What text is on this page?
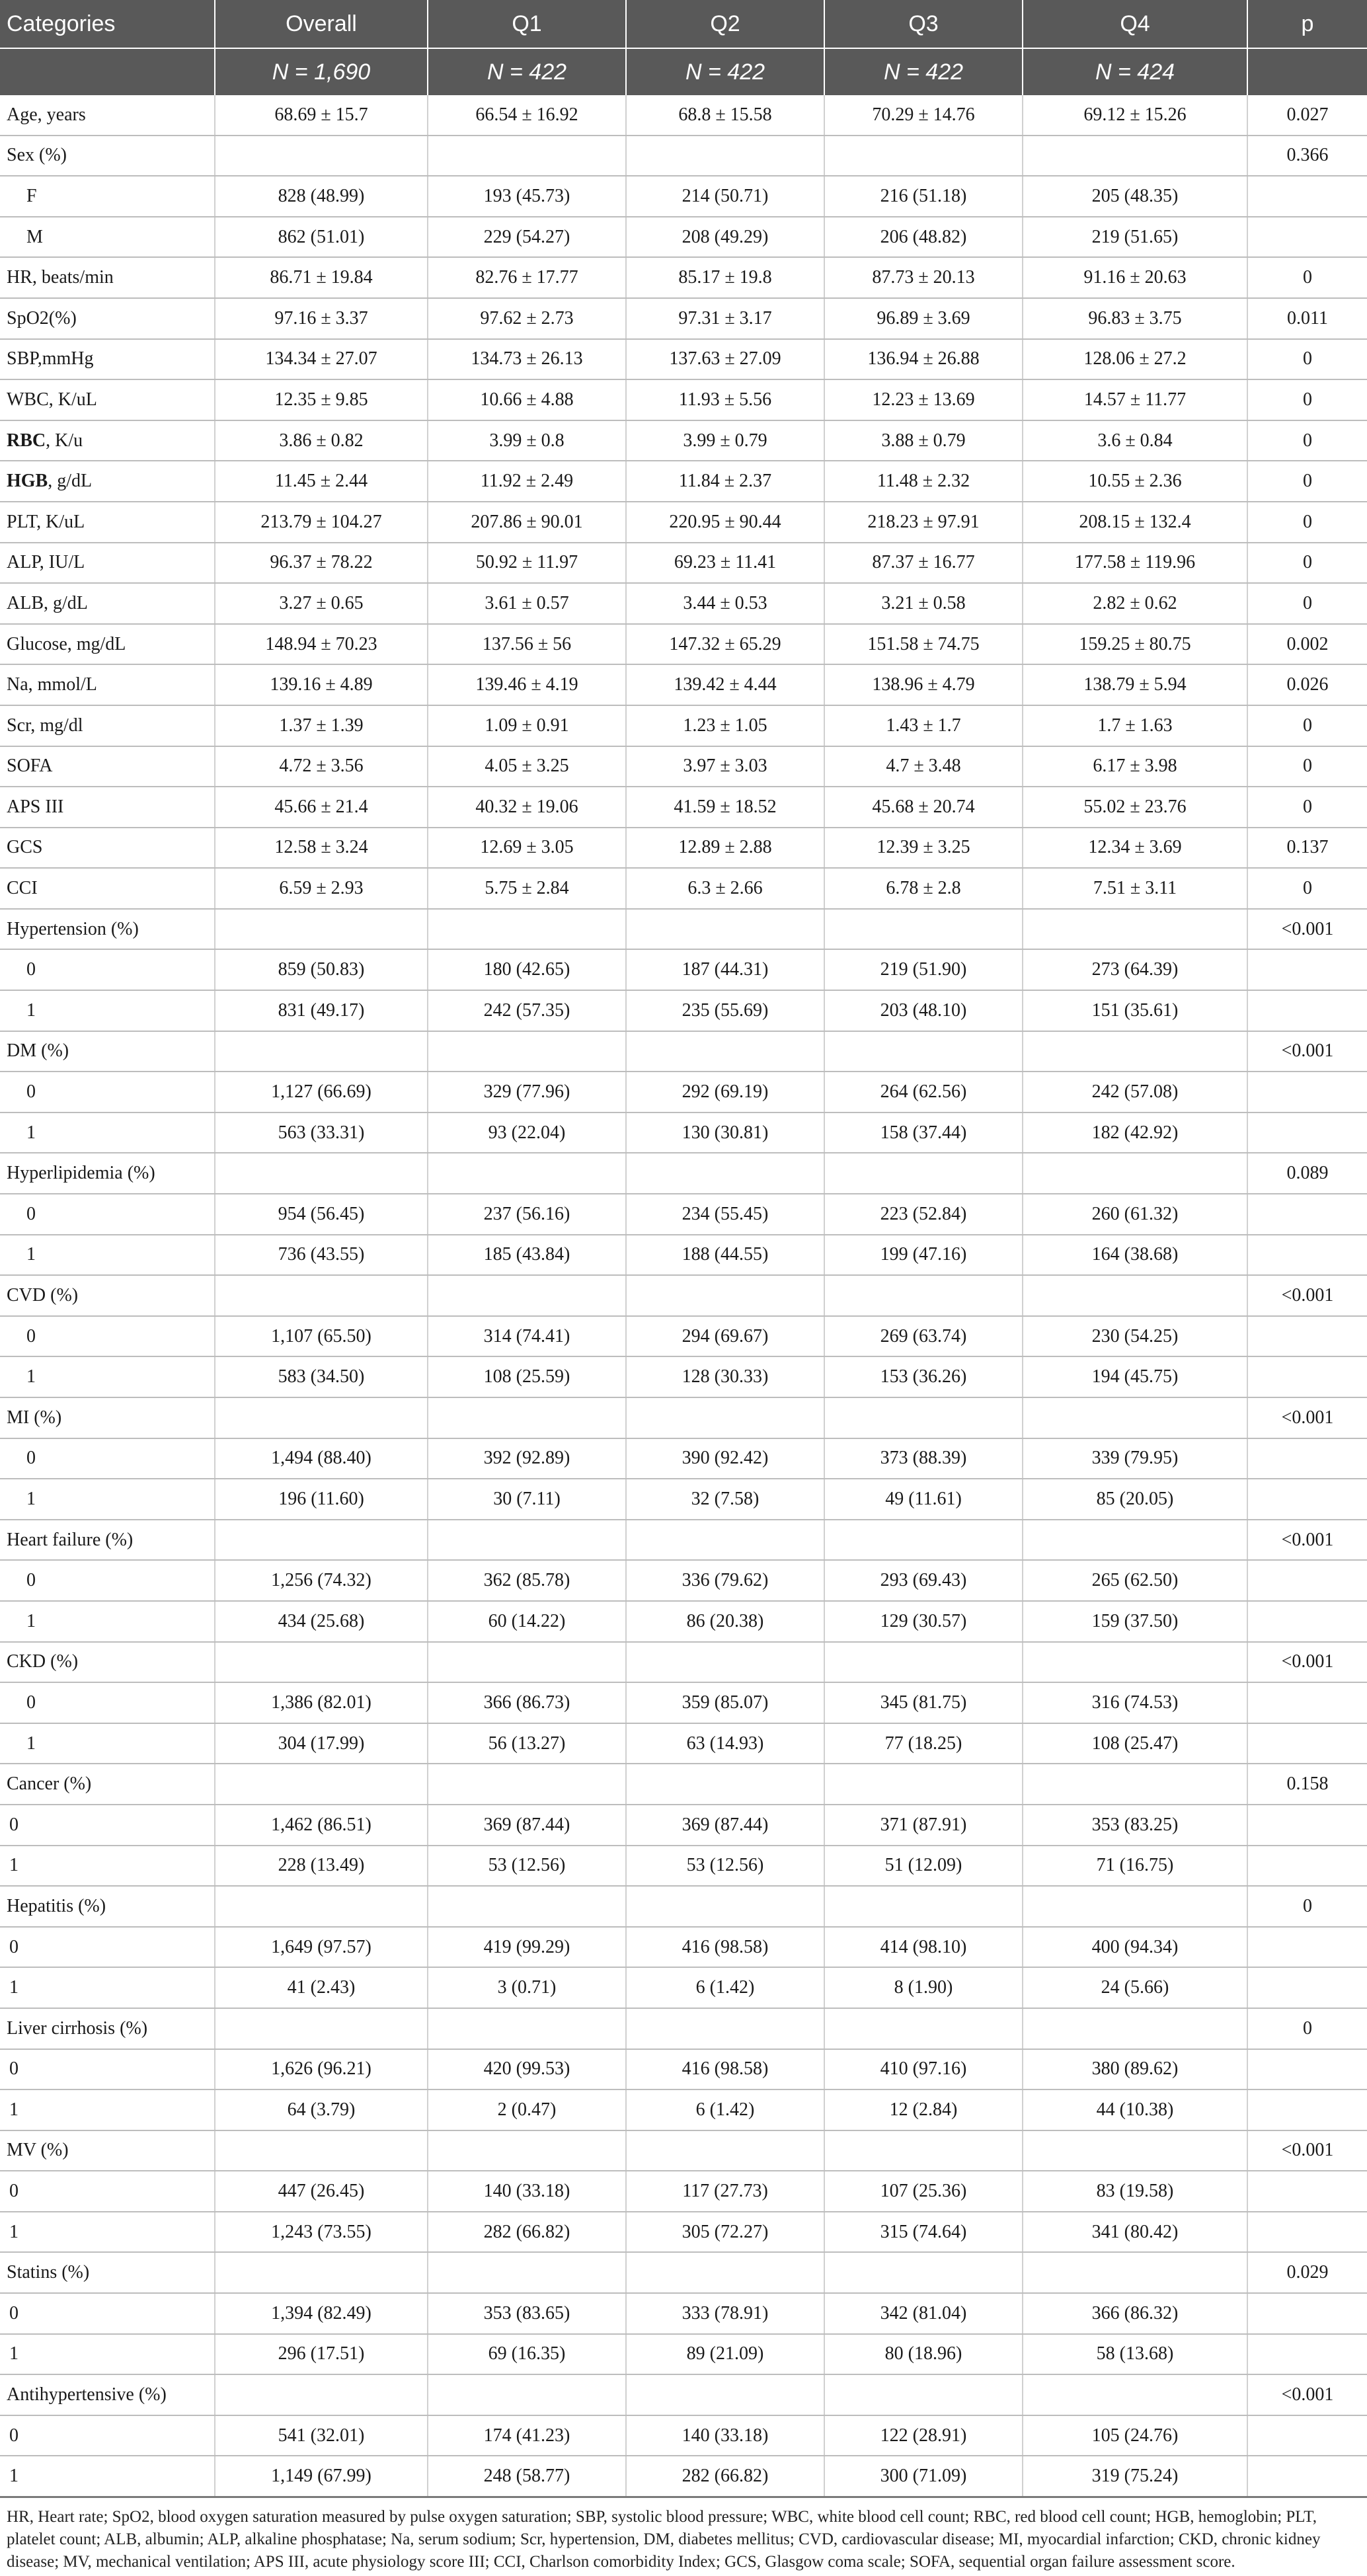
Categories	Overall	Q1	Q2	Q3	Q4	p
	N = 1,690	N = 422	N = 422	N = 422	N = 424	
Age, years	68.69 ± 15.7	66.54 ± 16.92	68.8 ± 15.58	70.29 ± 14.76	69.12 ± 15.26	0.027
Sex (%)						0.366
F	828 (48.99)	193 (45.73)	214 (50.71)	216 (51.18)	205 (48.35)	
M	862 (51.01)	229 (54.27)	208 (49.29)	206 (48.82)	219 (51.65)	
HR, beats/min	86.71 ± 19.84	82.76 ± 17.77	85.17 ± 19.8	87.73 ± 20.13	91.16 ± 20.63	0
SpO2(%)	97.16 ± 3.37	97.62 ± 2.73	97.31 ± 3.17	96.89 ± 3.69	96.83 ± 3.75	0.011
SBP,mmHg	134.34 ± 27.07	134.73 ± 26.13	137.63 ± 27.09	136.94 ± 26.88	128.06 ± 27.2	0
WBC, K/uL	12.35 ± 9.85	10.66 ± 4.88	11.93 ± 5.56	12.23 ± 13.69	14.57 ± 11.77	0
RBC, K/u	3.86 ± 0.82	3.99 ± 0.8	3.99 ± 0.79	3.88 ± 0.79	3.6 ± 0.84	0
HGB, g/dL	11.45 ± 2.44	11.92 ± 2.49	11.84 ± 2.37	11.48 ± 2.32	10.55 ± 2.36	0
PLT, K/uL	213.79 ± 104.27	207.86 ± 90.01	220.95 ± 90.44	218.23 ± 97.91	208.15 ± 132.4	0
ALP, IU/L	96.37 ± 78.22	50.92 ± 11.97	69.23 ± 11.41	87.37 ± 16.77	177.58 ± 119.96	0
ALB, g/dL	3.27 ± 0.65	3.61 ± 0.57	3.44 ± 0.53	3.21 ± 0.58	2.82 ± 0.62	0
Glucose, mg/dL	148.94 ± 70.23	137.56 ± 56	147.32 ± 65.29	151.58 ± 74.75	159.25 ± 80.75	0.002
Na, mmol/L	139.16 ± 4.89	139.46 ± 4.19	139.42 ± 4.44	138.96 ± 4.79	138.79 ± 5.94	0.026
Scr, mg/dl	1.37 ± 1.39	1.09 ± 0.91	1.23 ± 1.05	1.43 ± 1.7	1.7 ± 1.63	0
SOFA	4.72 ± 3.56	4.05 ± 3.25	3.97 ± 3.03	4.7 ± 3.48	6.17 ± 3.98	0
APS III	45.66 ± 21.4	40.32 ± 19.06	41.59 ± 18.52	45.68 ± 20.74	55.02 ± 23.76	0
GCS	12.58 ± 3.24	12.69 ± 3.05	12.89 ± 2.88	12.39 ± 3.25	12.34 ± 3.69	0.137
CCI	6.59 ± 2.93	5.75 ± 2.84	6.3 ± 2.66	6.78 ± 2.8	7.51 ± 3.11	0
Hypertension (%)						<0.001
0	859 (50.83)	180 (42.65)	187 (44.31)	219 (51.90)	273 (64.39)	
1	831 (49.17)	242 (57.35)	235 (55.69)	203 (48.10)	151 (35.61)	
DM (%)						<0.001
0	1,127 (66.69)	329 (77.96)	292 (69.19)	264 (62.56)	242 (57.08)	
1	563 (33.31)	93 (22.04)	130 (30.81)	158 (37.44)	182 (42.92)	
Hyperlipidemia (%)						0.089
0	954 (56.45)	237 (56.16)	234 (55.45)	223 (52.84)	260 (61.32)	
1	736 (43.55)	185 (43.84)	188 (44.55)	199 (47.16)	164 (38.68)	
CVD (%)						<0.001
0	1,107 (65.50)	314 (74.41)	294 (69.67)	269 (63.74)	230 (54.25)	
1	583 (34.50)	108 (25.59)	128 (30.33)	153 (36.26)	194 (45.75)	
MI (%)						<0.001
0	1,494 (88.40)	392 (92.89)	390 (92.42)	373 (88.39)	339 (79.95)	
1	196 (11.60)	30 (7.11)	32 (7.58)	49 (11.61)	85 (20.05)	
Heart failure (%)						<0.001
0	1,256 (74.32)	362 (85.78)	336 (79.62)	293 (69.43)	265 (62.50)	
1	434 (25.68)	60 (14.22)	86 (20.38)	129 (30.57)	159 (37.50)	
CKD (%)						<0.001
0	1,386 (82.01)	366 (86.73)	359 (85.07)	345 (81.75)	316 (74.53)	
1	304 (17.99)	56 (13.27)	63 (14.93)	77 (18.25)	108 (25.47)	
Cancer (%)						0.158
0	1,462 (86.51)	369 (87.44)	369 (87.44)	371 (87.91)	353 (83.25)	
1	228 (13.49)	53 (12.56)	53 (12.56)	51 (12.09)	71 (16.75)	
Hepatitis (%)						0
0	1,649 (97.57)	419 (99.29)	416 (98.58)	414 (98.10)	400 (94.34)	
1	41 (2.43)	3 (0.71)	6 (1.42)	8 (1.90)	24 (5.66)	
Liver cirrhosis (%)						0
0	1,626 (96.21)	420 (99.53)	416 (98.58)	410 (97.16)	380 (89.62)	
1	64 (3.79)	2 (0.47)	6 (1.42)	12 (2.84)	44 (10.38)	
MV (%)						<0.001
0	447 (26.45)	140 (33.18)	117 (27.73)	107 (25.36)	83 (19.58)	
1	1,243 (73.55)	282 (66.82)	305 (72.27)	315 (74.64)	341 (80.42)	
Statins (%)						0.029
0	1,394 (82.49)	353 (83.65)	333 (78.91)	342 (81.04)	366 (86.32)	
1	296 (17.51)	69 (16.35)	89 (21.09)	80 (18.96)	58 (13.68)	
Antihypertensive (%)						<0.001
0	541 (32.01)	174 (41.23)	140 (33.18)	122 (28.91)	105 (24.76)	
1	1,149 (67.99)	248 (58.77)	282 (66.82)	300 (71.09)	319 (75.24)	
HR, Heart rate; SpO2, blood oxygen saturation measured by pulse oxygen saturation; SBP, systolic blood pressure; WBC, white blood cell count; RBC, red blood cell count; HGB, hemoglobin; PLT, platelet count; ALB, albumin; ALP, alkaline phosphatase; Na, serum sodium; Scr, hypertension, DM, diabetes mellitus; CVD, cardiovascular disease; MI, myocardial infarction; CKD, chronic kidney disease; MV, mechanical ventilation; APS III, acute physiology score III; CCI, Charlson comorbidity Index; GCS, Glasgow coma scale; SOFA, sequential organ failure assessment score.
